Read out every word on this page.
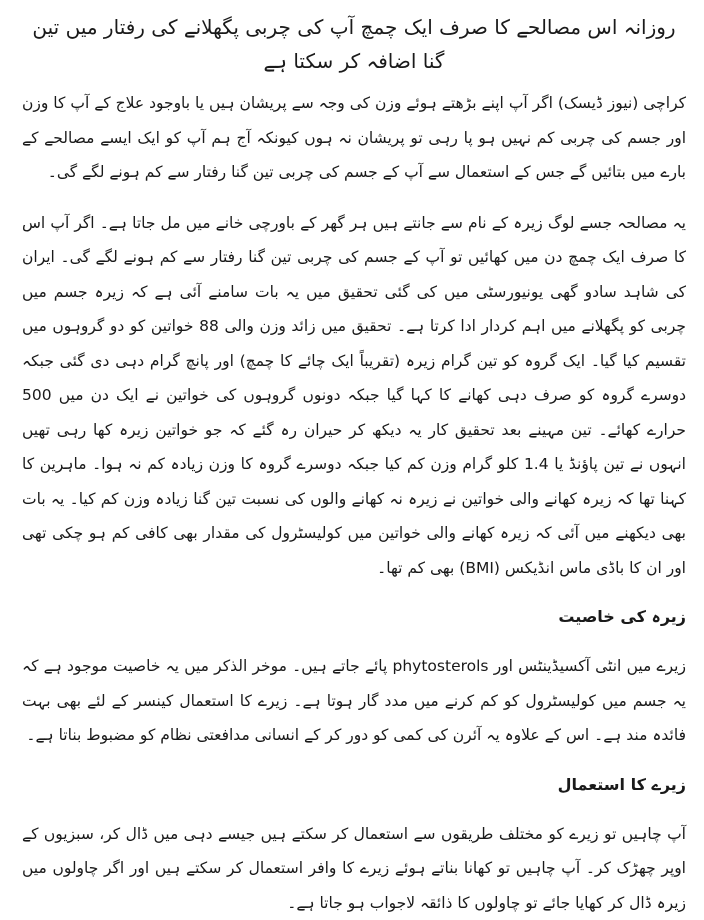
روزانہ اس مصالحے کا صرف ایک چمچ آپ کی چربی پگھلانے کی رفتار میں تین گنا اضافہ کر سکتا ہے

کراچی (نیوز ڈیسک) اگر آپ اپنے بڑھتے ہوئے وزن کی وجہ سے پریشان ہیں یا باوجود علاج کے آپ کا وزن اور جسم کی چربی کم نہیں ہو پا رہی تو پریشان نہ ہوں کیونکہ آج ہم آپ کو ایک ایسے مصالحے کے بارے میں بتائیں گے جس کے استعمال سے آپ کے جسم کی چربی تین گنا رفتار سے کم ہونے لگے گی۔

یہ مصالحہ جسے لوگ زیرہ کے نام سے جانتے ہیں ہر گھر کے باورچی خانے میں مل جاتا ہے۔ اگر آپ اس کا صرف ایک چمچ دن میں کھائیں تو آپ کے جسم کی چربی تین گنا رفتار سے کم ہونے لگے گی۔ ایران کی شاہد سادو گھی یونیورسٹی میں کی گئی تحقیق میں یہ بات سامنے آئی ہے کہ زیرہ جسم میں چربی کو پگھلانے میں اہم کردار ادا کرتا ہے۔ تحقیق میں زائد وزن والی 88 خواتین کو دو گروہوں میں تقسیم کیا گیا۔ ایک گروہ کو تین گرام زیرہ (تقریباً ایک چائے کا چمچ) اور پانچ گرام دہی دی گئی جبکہ دوسرے گروہ کو صرف دہی کھانے کا کہا گیا جبکہ دونوں گروہوں کی خواتین نے ایک دن میں 500 حرارے کھائے۔ تین مہینے بعد تحقیق کار یہ دیکھ کر حیران رہ گئے کہ جو خواتین زیرہ کھا رہی تھیں انہوں نے تین پاؤنڈ یا 1.4 کلو گرام وزن کم کیا جبکہ دوسرے گروہ کا وزن زیادہ کم نہ ہوا۔ ماہرین کا کہنا تھا کہ زیرہ کھانے والی خواتین نے زیرہ نہ کھانے والوں کی نسبت تین گنا زیادہ وزن کم کیا۔ یہ بات بھی دیکھنے میں آئی کہ زیرہ کھانے والی خواتین میں کولیسٹرول کی مقدار بھی کافی کم ہو چکی تھی اور ان کا باڈی ماس انڈیکس (BMI) بھی کم تھا۔

زیرہ کی خاصیت

زیرے میں انٹی آکسیڈینٹس اور phytosterols پائے جاتے ہیں۔ موخر الذکر میں یہ خاصیت موجود ہے کہ یہ جسم میں کولیسٹرول کو کم کرنے میں مدد گار ہوتا ہے۔ زیرے کا استعمال کینسر کے لئے بھی بہت فائدہ مند ہے۔ اس کے علاوہ یہ آئرن کی کمی کو دور کر کے انسانی مدافعتی نظام کو مضبوط بناتا ہے۔

زیرے کا استعمال

آپ چاہیں تو زیرے کو مختلف طریقوں سے استعمال کر سکتے ہیں جیسے دہی میں ڈال کر، سبزیوں کے اوپر چھڑک کر۔ آپ چاہیں تو کھانا بناتے ہوئے زیرے کا وافر استعمال کر سکتے ہیں اور اگر چاولوں میں زیرہ ڈال کر کھایا جائے تو چاولوں کا ذائقہ لاجواب ہو جاتا ہے۔
